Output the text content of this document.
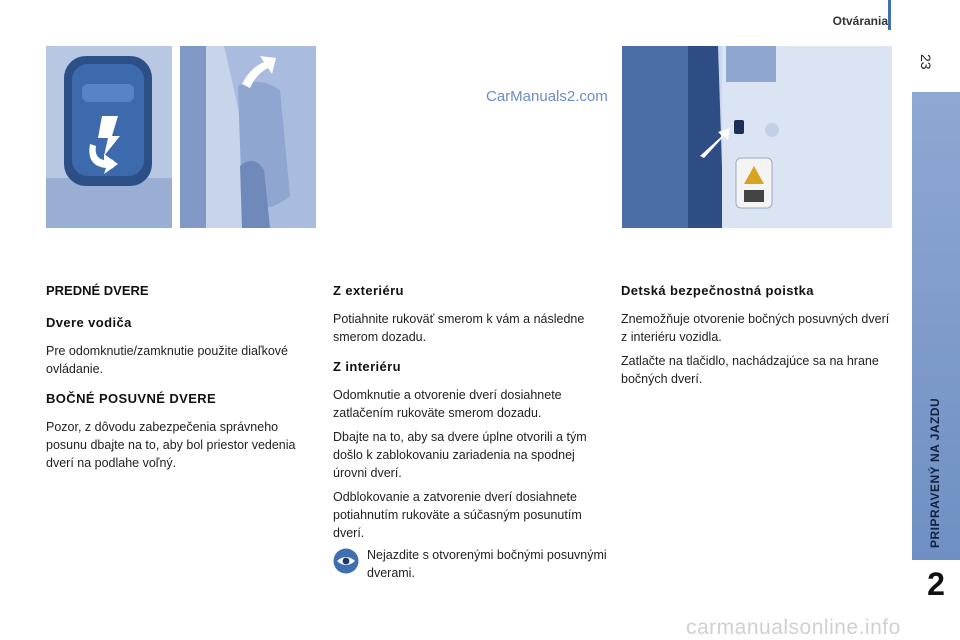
Otvárania
23
PRIPRAVENÝ NA JAZDU
2
CarManuals2.com
PREDNÉ DVERE
Dvere vodiča

Pre odomknutie/zamknutie použite diaľkové ovládanie.

BOČNÉ POSUVNÉ DVERE

Pozor, z dôvodu zabezpečenia správneho posunu dbajte na to, aby bol priestor vedenia dverí na podlahe voľný.

Z exteriéru

Potiahnite rukoväť smerom k vám a následne smerom dozadu.

Z interiéru

Odomknutie a otvorenie dverí dosiahnete zatlačením rukoväte smerom dozadu.

Dbajte na to, aby sa dvere úplne otvorili a tým došlo k zablokovaniu zariadenia na spodnej úrovni dverí.

Odblokovanie a zatvorenie dverí dosiahnete potiahnutím rukoväte a súčasným posunutím dverí.

Nejazdite s otvorenými bočnými posuvnými dverami.
Detská bezpečnostná poistka

Znemožňuje otvorenie bočných posuvných dverí z interiéru vozidla.

Zatlačte na tlačidlo, nachádzajúce sa na hrane bočných dverí.

carmanualsonline.info
